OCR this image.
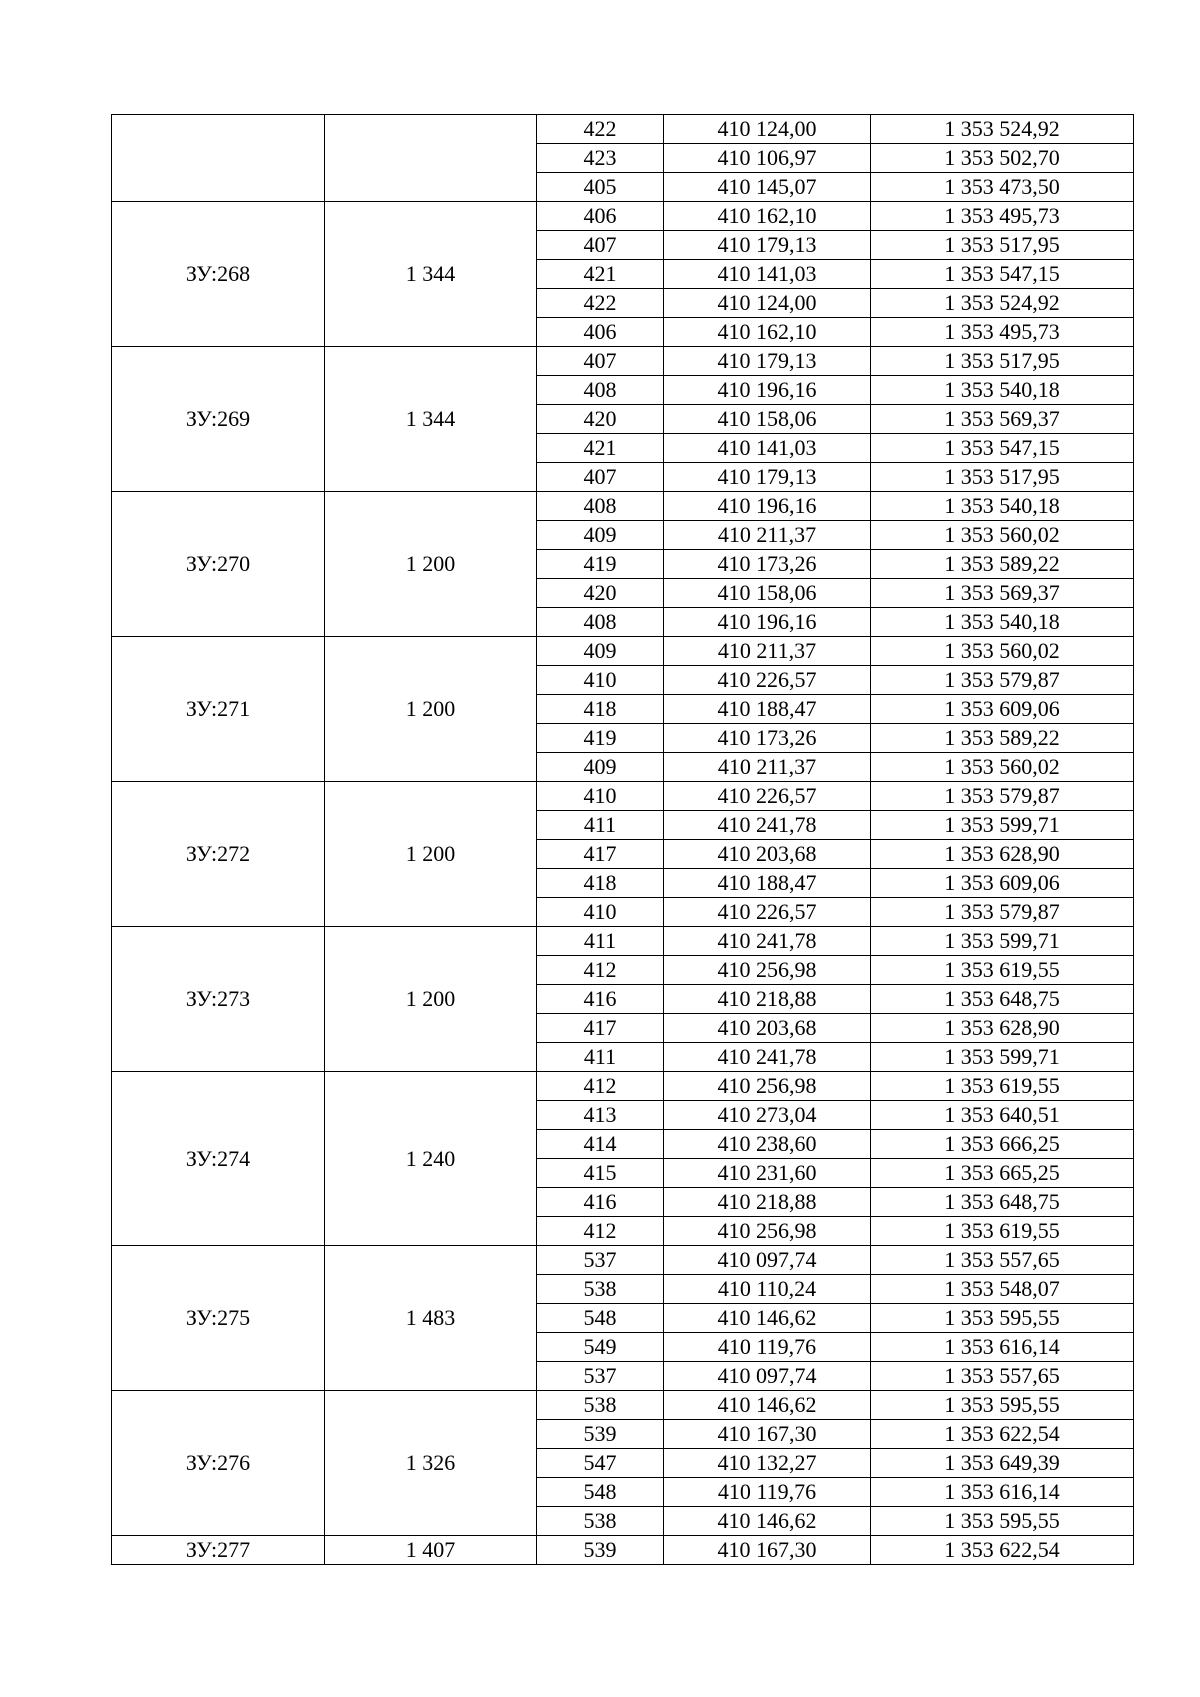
		422	410 124,00	1 353 524,92
		423	410 106,97	1 353 502,70
		405	410 145,07	1 353 473,50
ЗУ:268	1 344	406	410 162,10	1 353 495,73
		407	410 179,13	1 353 517,95
		421	410 141,03	1 353 547,15
		422	410 124,00	1 353 524,92
		406	410 162,10	1 353 495,73
ЗУ:269	1 344	407	410 179,13	1 353 517,95
		408	410 196,16	1 353 540,18
		420	410 158,06	1 353 569,37
		421	410 141,03	1 353 547,15
		407	410 179,13	1 353 517,95
ЗУ:270	1 200	408	410 196,16	1 353 540,18
		409	410 211,37	1 353 560,02
		419	410 173,26	1 353 589,22
		420	410 158,06	1 353 569,37
		408	410 196,16	1 353 540,18
ЗУ:271	1 200	409	410 211,37	1 353 560,02
		410	410 226,57	1 353 579,87
		418	410 188,47	1 353 609,06
		419	410 173,26	1 353 589,22
		409	410 211,37	1 353 560,02
ЗУ:272	1 200	410	410 226,57	1 353 579,87
		411	410 241,78	1 353 599,71
		417	410 203,68	1 353 628,90
		418	410 188,47	1 353 609,06
		410	410 226,57	1 353 579,87
ЗУ:273	1 200	411	410 241,78	1 353 599,71
		412	410 256,98	1 353 619,55
		416	410 218,88	1 353 648,75
		417	410 203,68	1 353 628,90
		411	410 241,78	1 353 599,71
ЗУ:274	1 240	412	410 256,98	1 353 619,55
		413	410 273,04	1 353 640,51
		414	410 238,60	1 353 666,25
		415	410 231,60	1 353 665,25
		416	410 218,88	1 353 648,75
		412	410 256,98	1 353 619,55
ЗУ:275	1 483	537	410 097,74	1 353 557,65
		538	410 110,24	1 353 548,07
		548	410 146,62	1 353 595,55
		549	410 119,76	1 353 616,14
		537	410 097,74	1 353 557,65
ЗУ:276	1 326	538	410 146,62	1 353 595,55
		539	410 167,30	1 353 622,54
		547	410 132,27	1 353 649,39
		548	410 119,76	1 353 616,14
		538	410 146,62	1 353 595,55
ЗУ:277	1 407	539	410 167,30	1 353 622,54
